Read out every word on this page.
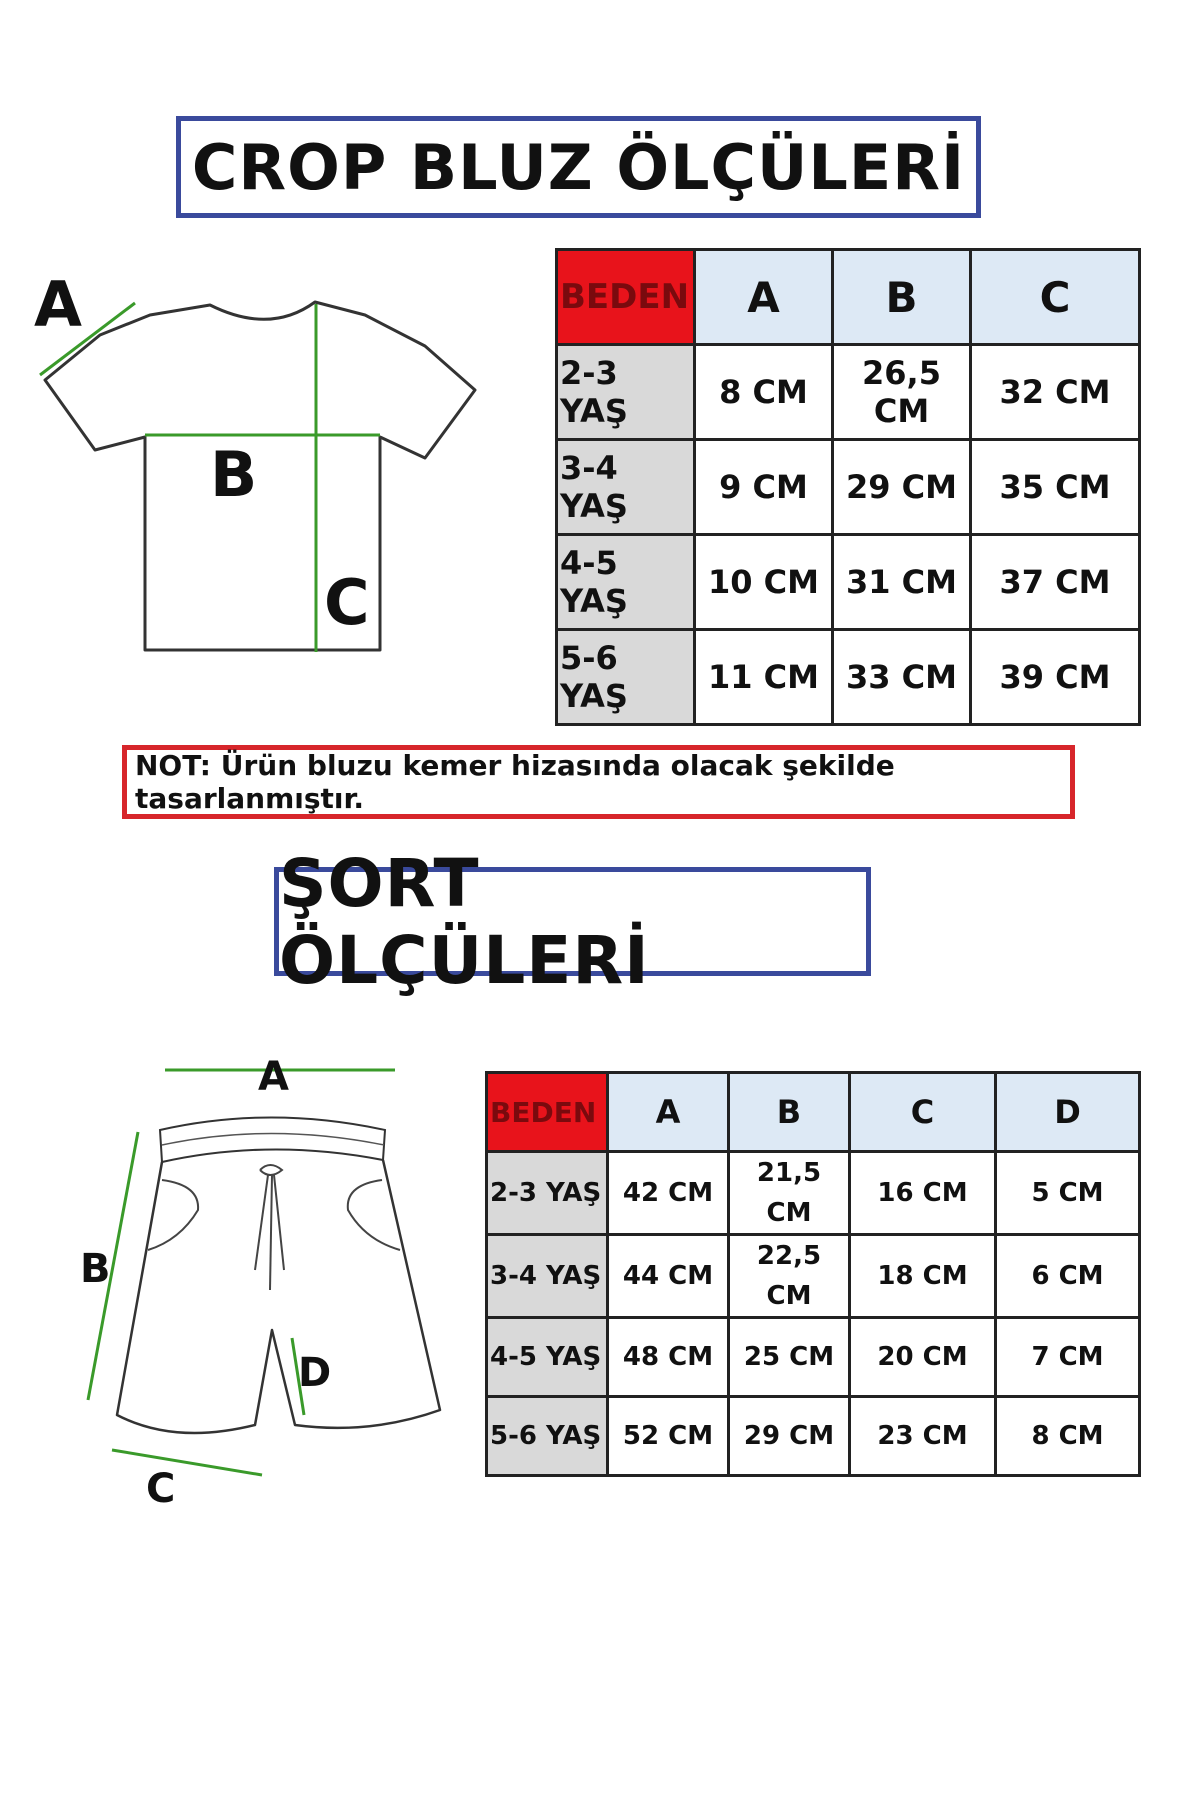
CROP BLUZ ÖLÇÜLERİ
A
B
C
BEDEN	A	B	C
2-3 YAŞ	8 CM	26,5 CM	32 CM
3-4 YAŞ	9 CM	29 CM	35 CM
4-5 YAŞ	10 CM	31 CM	37 CM
5-6 YAŞ	11 CM	33 CM	39 CM
NOT: Ürün bluzu kemer hizasında olacak şekilde tasarlanmıştır.
ŞORT ÖLÇÜLERİ
A
B
C
D
BEDEN	A	B	C	D
2-3 YAŞ	42 CM	21,5 CM	16 CM	5 CM
3-4 YAŞ	44 CM	22,5 CM	18 CM	6 CM
4-5 YAŞ	48 CM	25 CM	20 CM	7 CM
5-6 YAŞ	52 CM	29 CM	23 CM	8 CM
